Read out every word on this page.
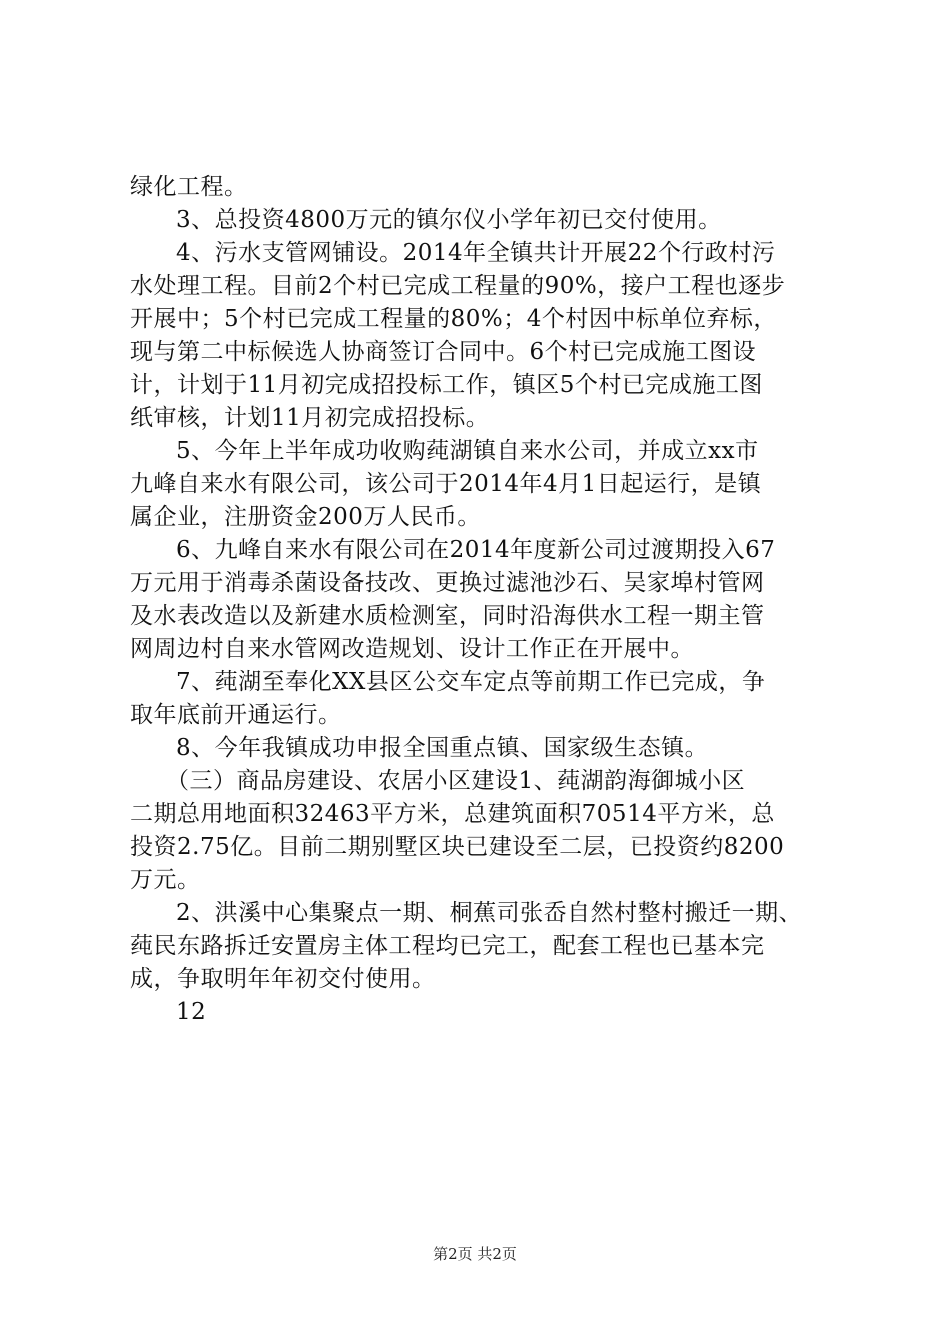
绿化工程。
3、总投资4800万元的镇尔仪小学年初已交付使用。
4、污水支管网铺设。2014年全镇共计开展22个行政村污
水处理工程。目前2个村已完成工程量的90%，接户工程也逐步
开展中；5个村已完成工程量的80%；4个村因中标单位弃标，
现与第二中标候选人协商签订合同中。6个村已完成施工图设
计，计划于11月初完成招投标工作，镇区5个村已完成施工图
纸审核，计划11月初完成招投标。
5、今年上半年成功收购莼湖镇自来水公司，并成立xx市
九峰自来水有限公司，该公司于2014年4月1日起运行，是镇
属企业，注册资金200万人民币。
6、九峰自来水有限公司在2014年度新公司过渡期投入67
万元用于消毒杀菌设备技改、更换过滤池沙石、吴家埠村管网
及水表改造以及新建水质检测室，同时沿海供水工程一期主管
网周边村自来水管网改造规划、设计工作正在开展中。
7、莼湖至奉化XX县区公交车定点等前期工作已完成，争
取年底前开通运行。
8、今年我镇成功申报全国重点镇、国家级生态镇。
（三）商品房建设、农居小区建设1、莼湖韵海御城小区
二期总用地面积32463平方米，总建筑面积70514平方米，总
投资2.75亿。目前二期别墅区块已建设至二层，已投资约8200
万元。
2、洪溪中心集聚点一期、桐蕉司张岙自然村整村搬迁一期、
莼民东路拆迁安置房主体工程均已完工，配套工程也已基本完
成，争取明年年初交付使用。
12
第2页 共2页
